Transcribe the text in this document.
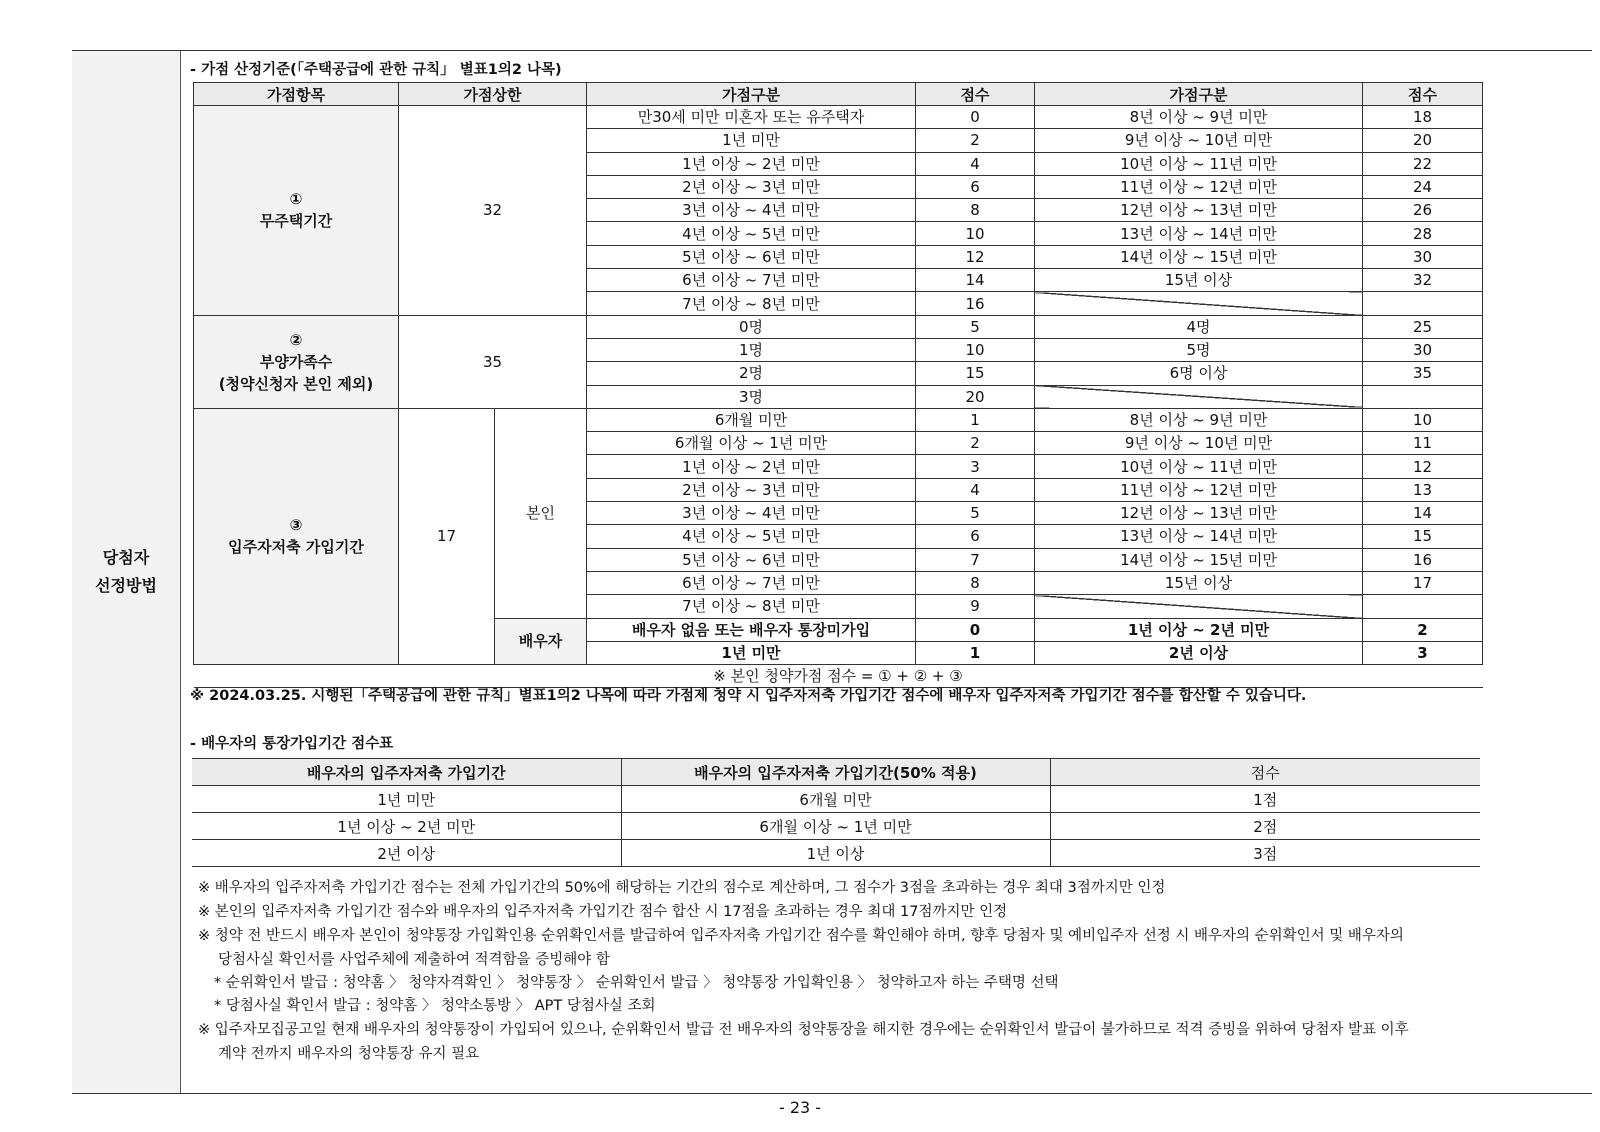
당첨자
선정방법
- 가점 산정기준(「주택공급에 관한 규칙」 별표1의2 나목)
가점항목	가점상한		가점구분	점수	가점구분	점수
①
무주택기간	32		만30세 미만 미혼자 또는 유주택자	0	8년 이상 ~ 9년 미만	18
			1년 미만	2	9년 이상 ~ 10년 미만	20
			1년 이상 ~ 2년 미만	4	10년 이상 ~ 11년 미만	22
			2년 이상 ~ 3년 미만	6	11년 이상 ~ 12년 미만	24
			3년 이상 ~ 4년 미만	8	12년 이상 ~ 13년 미만	26
			4년 이상 ~ 5년 미만	10	13년 이상 ~ 14년 미만	28
			5년 이상 ~ 6년 미만	12	14년 이상 ~ 15년 미만	30
			6년 이상 ~ 7년 미만	14	15년 이상	32
			7년 이상 ~ 8년 미만	16		
②
부양가족수
(청약신청자 본인 제외)	35		0명	5	4명	25
			1명	10	5명	30
			2명	15	6명 이상	35
			3명	20		
③
입주자저축 가입기간	17	본인	6개월 미만	1	8년 이상 ~ 9년 미만	10
			6개월 이상 ~ 1년 미만	2	9년 이상 ~ 10년 미만	11
			1년 이상 ~ 2년 미만	3	10년 이상 ~ 11년 미만	12
			2년 이상 ~ 3년 미만	4	11년 이상 ~ 12년 미만	13
			3년 이상 ~ 4년 미만	5	12년 이상 ~ 13년 미만	14
			4년 이상 ~ 5년 미만	6	13년 이상 ~ 14년 미만	15
			5년 이상 ~ 6년 미만	7	14년 이상 ~ 15년 미만	16
			6년 이상 ~ 7년 미만	8	15년 이상	17
			7년 이상 ~ 8년 미만	9		
		배우자	배우자 없음 또는 배우자 통장미가입	0	1년 이상 ~ 2년 미만	2
			1년 미만	1	2년 이상	3
※ 본인 청약가점 점수 = ① + ② + ③						
※ 2024.03.25. 시행된「주택공급에 관한 규칙」별표1의2 나목에 따라 가점제 청약 시 입주자저축 가입기간 점수에 배우자 입주자저축 가입기간 점수를 합산할 수 있습니다.
- 배우자의 통장가입기간 점수표
배우자의 입주자저축 가입기간	배우자의 입주자저축 가입기간(50% 적용)	점수
1년 미만	6개월 미만	1점
1년 이상 ~ 2년 미만	6개월 이상 ~ 1년 미만	2점
2년 이상	1년 이상	3점
※ 배우자의 입주자저축 가입기간 점수는 전체 가입기간의 50%에 해당하는 기간의 점수로 계산하며, 그 점수가 3점을 초과하는 경우 최대 3점까지만 인정
※ 본인의 입주자저축 가입기간 점수와 배우자의 입주자저축 가입기간 점수 합산 시 17점을 초과하는 경우 최대 17점까지만 인정
※ 청약 전 반드시 배우자 본인이 청약통장 가입확인용 순위확인서를 발급하여 입주자저축 가입기간 점수를 확인해야 하며, 향후 당첨자 및 예비입주자 선정 시 배우자의 순위확인서 및 배우자의
당첨사실 확인서를 사업주체에 제출하여 적격함을 증빙해야 함
* 순위확인서 발급 : 청약홈 〉 청약자격확인 〉 청약통장 〉 순위확인서 발급 〉 청약통장 가입확인용 〉 청약하고자 하는 주택명 선택
* 당첨사실 확인서 발급 : 청약홈 〉 청약소통방 〉 APT 당첨사실 조회
※ 입주자모집공고일 현재 배우자의 청약통장이 가입되어 있으나, 순위확인서 발급 전 배우자의 청약통장을 해지한 경우에는 순위확인서 발급이 불가하므로 적격 증빙을 위하여 당첨자 발표 이후
계약 전까지 배우자의 청약통장 유지 필요
- 23 -
